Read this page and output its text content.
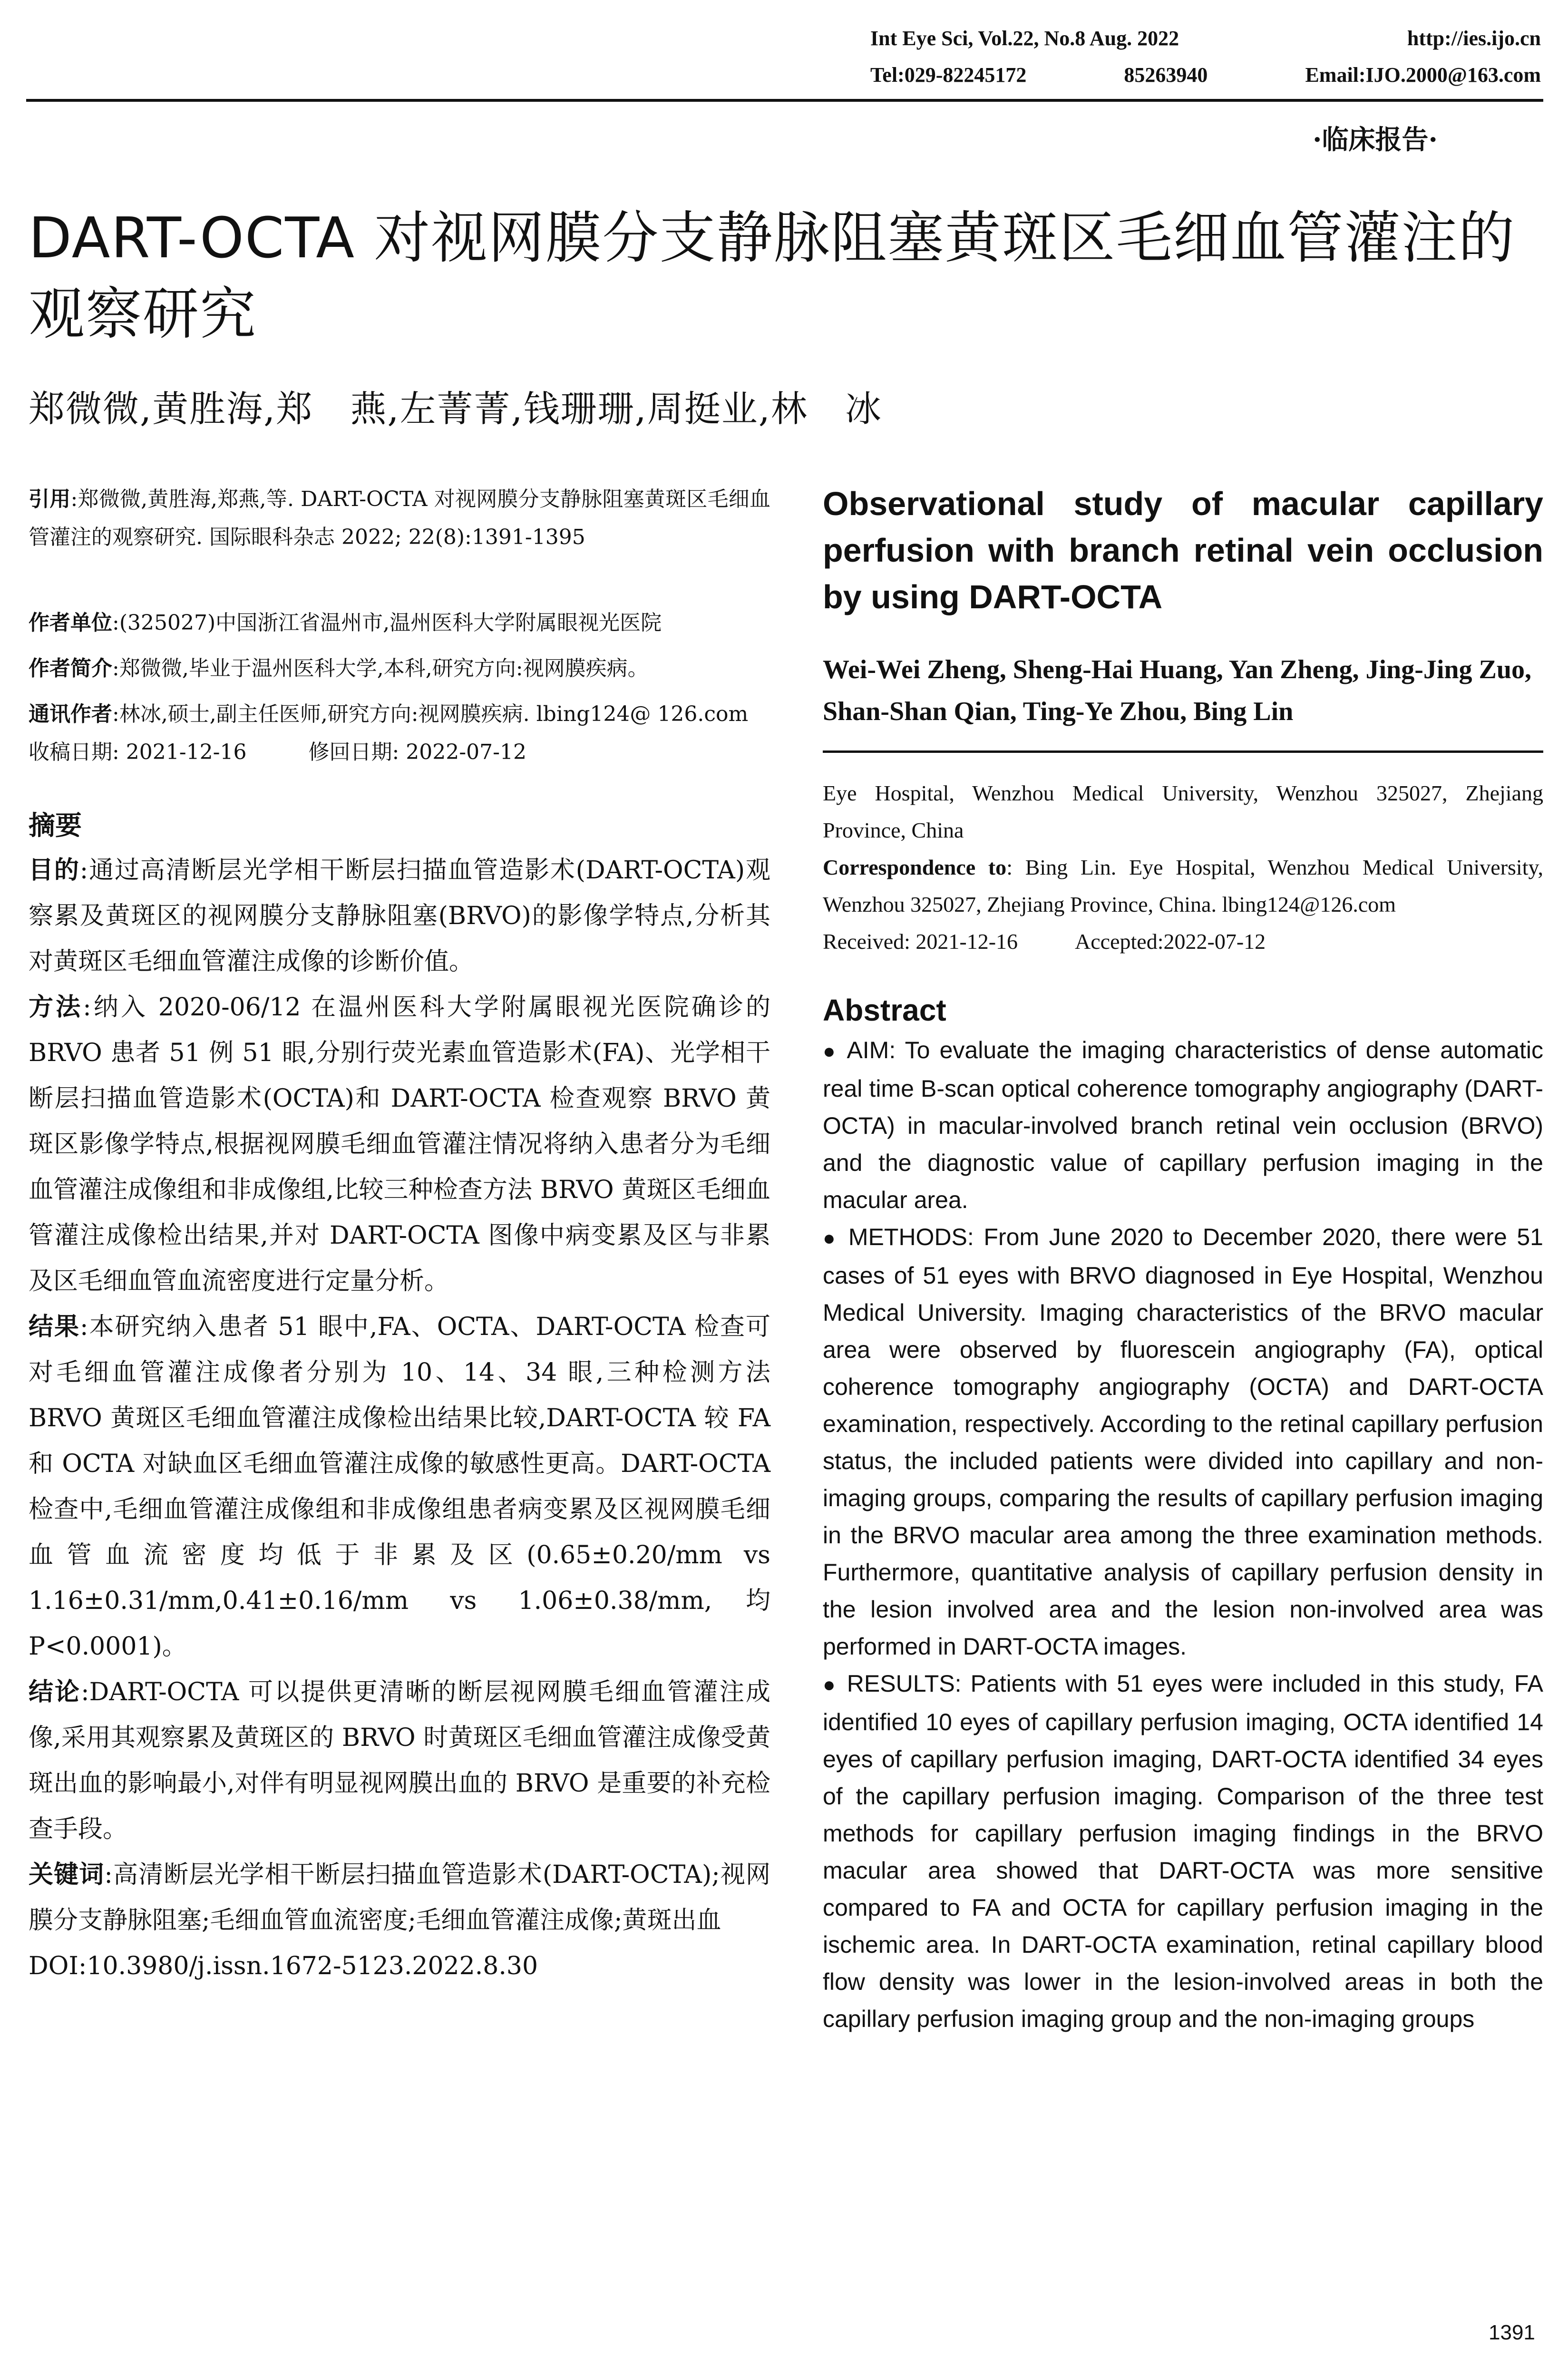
Int Eye Sci, Vol.22, No.8 Aug. 2022	http://ies.ijo.cn
Tel:029-82245172	85263940	Email:IJO.2000@163.com
·临床报告·
DART-OCTA 对视网膜分支静脉阻塞黄斑区毛细血管灌注的观察研究
郑微微,黄胜海,郑　燕,左菁菁,钱珊珊,周挺业,林　冰

引用:郑微微,黄胜海,郑燕,等. DART-OCTA 对视网膜分支静脉阻塞黄斑区毛细血管灌注的观察研究. 国际眼科杂志 2022; 22(8):1391-1395

作者单位:(325027)中国浙江省温州市,温州医科大学附属眼视光医院

作者简介:郑微微,毕业于温州医科大学,本科,研究方向:视网膜疾病。

通讯作者:林冰,硕士,副主任医师,研究方向:视网膜疾病. lbing124@ 126.com

收稿日期: 2021-12-16	修回日期: 2022-07-12

摘要

目的:通过高清断层光学相干断层扫描血管造影术(DART-OCTA)观察累及黄斑区的视网膜分支静脉阻塞(BRVO)的影像学特点,分析其对黄斑区毛细血管灌注成像的诊断价值。

方法:纳入 2020-06/12 在温州医科大学附属眼视光医院确诊的 BRVO 患者 51 例 51 眼,分别行荧光素血管造影术(FA)、光学相干断层扫描血管造影术(OCTA)和 DART-OCTA 检查观察 BRVO 黄斑区影像学特点,根据视网膜毛细血管灌注情况将纳入患者分为毛细血管灌注成像组和非成像组,比较三种检查方法 BRVO 黄斑区毛细血管灌注成像检出结果,并对 DART-OCTA 图像中病变累及区与非累及区毛细血管血流密度进行定量分析。

结果:本研究纳入患者 51 眼中,FA、OCTA、DART-OCTA 检查可对毛细血管灌注成像者分别为 10、14、34 眼,三种检测方法 BRVO 黄斑区毛细血管灌注成像检出结果比较,DART-OCTA 较 FA 和 OCTA 对缺血区毛细血管灌注成像的敏感性更高。DART-OCTA 检查中,毛细血管灌注成像组和非成像组患者病变累及区视网膜毛细血管血流密度均低于非累及区(0.65±0.20/mm vs 1.16±0.31/mm,0.41±0.16/mm vs 1.06±0.38/mm,均 P<0.0001)。

结论:DART-OCTA 可以提供更清晰的断层视网膜毛细血管灌注成像,采用其观察累及黄斑区的 BRVO 时黄斑区毛细血管灌注成像受黄斑出血的影响最小,对伴有明显视网膜出血的 BRVO 是重要的补充检查手段。

关键词:高清断层光学相干断层扫描血管造影术(DART-OCTA);视网膜分支静脉阻塞;毛细血管血流密度;毛细血管灌注成像;黄斑出血

DOI:10.3980/j.issn.1672-5123.2022.8.30

Observational study of macular capillary perfusion with branch retinal vein occlusion by using DART-OCTA

Wei-Wei Zheng, Sheng-Hai Huang, Yan Zheng, Jing-Jing Zuo, Shan-Shan Qian, Ting-Ye Zhou, Bing Lin

Eye Hospital, Wenzhou Medical University, Wenzhou 325027, Zhejiang Province, China

Correspondence to: Bing Lin. Eye Hospital, Wenzhou Medical University, Wenzhou 325027, Zhejiang Province, China. lbing124@126.com

Received: 2021-12-16	Accepted:2022-07-12

Abstract

● AIM: To evaluate the imaging characteristics of dense automatic real time B-scan optical coherence tomography angiography (DART-OCTA) in macular-involved branch retinal vein occlusion (BRVO) and the diagnostic value of capillary perfusion imaging in the macular area.

● METHODS: From June 2020 to December 2020, there were 51 cases of 51 eyes with BRVO diagnosed in Eye Hospital, Wenzhou Medical University. Imaging characteristics of the BRVO macular area were observed by fluorescein angiography (FA), optical coherence tomography angiography (OCTA) and DART-OCTA examination, respectively. According to the retinal capillary perfusion status, the included patients were divided into capillary and non-imaging groups, comparing the results of capillary perfusion imaging in the BRVO macular area among the three examination methods. Furthermore, quantitative analysis of capillary perfusion density in the lesion involved area and the lesion non-involved area was performed in DART-OCTA images.

● RESULTS: Patients with 51 eyes were included in this study, FA identified 10 eyes of capillary perfusion imaging, OCTA identified 14 eyes of capillary perfusion imaging, DART-OCTA identified 34 eyes of the capillary perfusion imaging. Comparison of the three test methods for capillary perfusion imaging findings in the BRVO macular area showed that DART-OCTA was more sensitive compared to FA and OCTA for capillary perfusion imaging in the ischemic area. In DART-OCTA examination, retinal capillary blood flow density was lower in the lesion-involved areas in both the capillary perfusion imaging group and the non-imaging groups

1391
